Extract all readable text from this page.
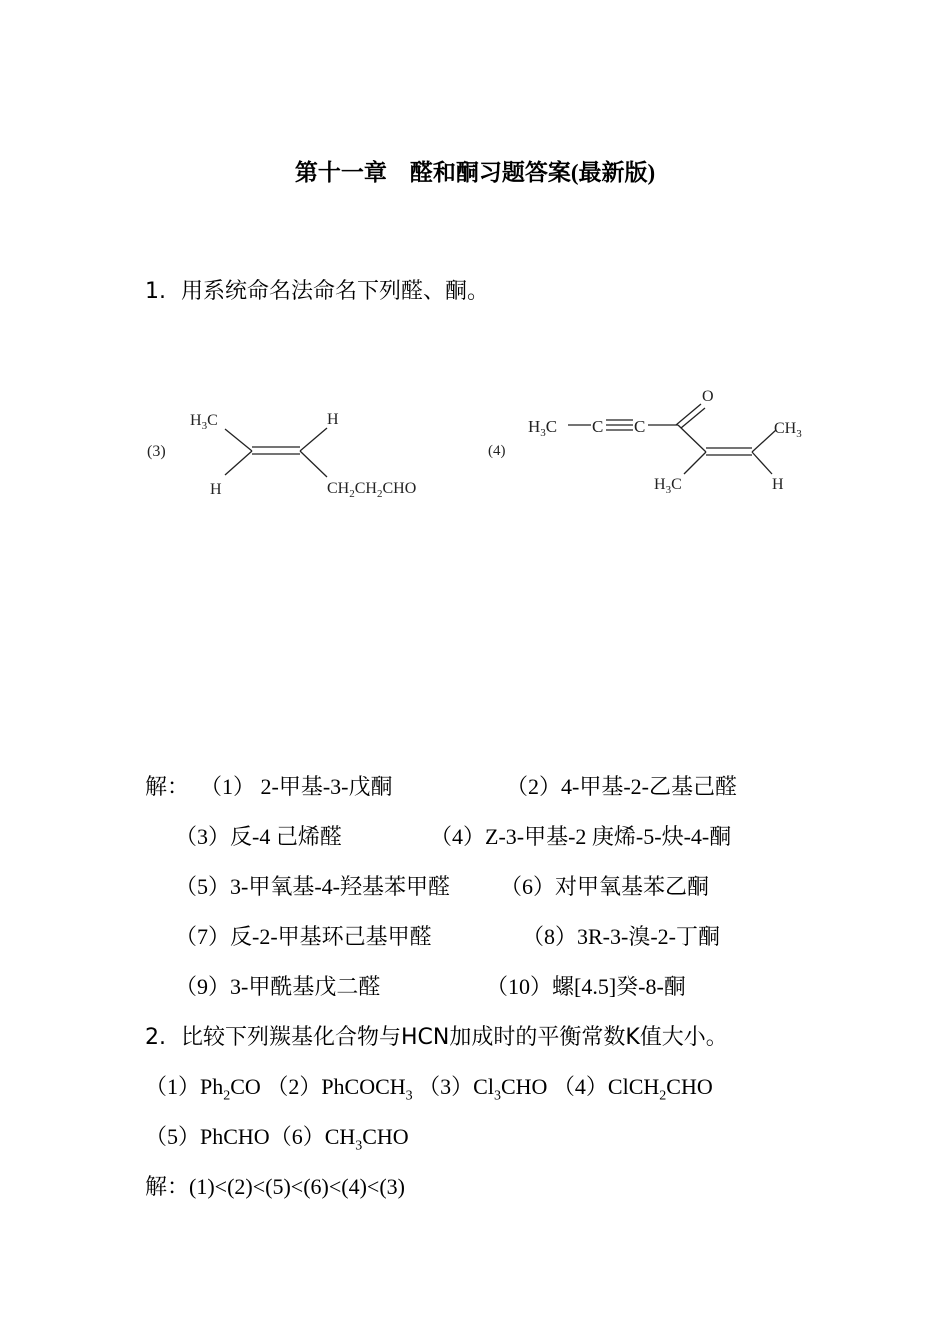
第十一章　醛和酮习题答案(最新版)
1. 用系统命名法命名下列醛、酮。
(3)
$H_3C$	H
H	$CH_2CH_2CHO$
(4)
$H_3C$ C C
O
$CH_3$
$H_3C$	H
解： （1） 2-甲基-3-戊酮	（2）4-甲基-2-乙基己醛
（3）反-4 己烯醛	（4）Z-3-甲基-2 庚烯-5-炔-4-酮
（5）3-甲氧基-4-羟基苯甲醛 （6）对甲氧基苯乙酮
（7）反-2-甲基环己基甲醛	（8）3R-3-溴-2-丁酮
（9）3-甲酰基戊二醛	（10）螺[4.5]癸-8-酮
2. 比较下列羰基化合物与HCN加成时的平衡常数K值大小。
$(1)Ph_2CO$ （2）PhCOCH$_3$ $(3)Cl_3CHO$ （4）ClCH$_2$CHO
$(5)PhCHO(6)CH_3CHO$
解：(1)<(2)<(5)<(6)<(4)<(3)
